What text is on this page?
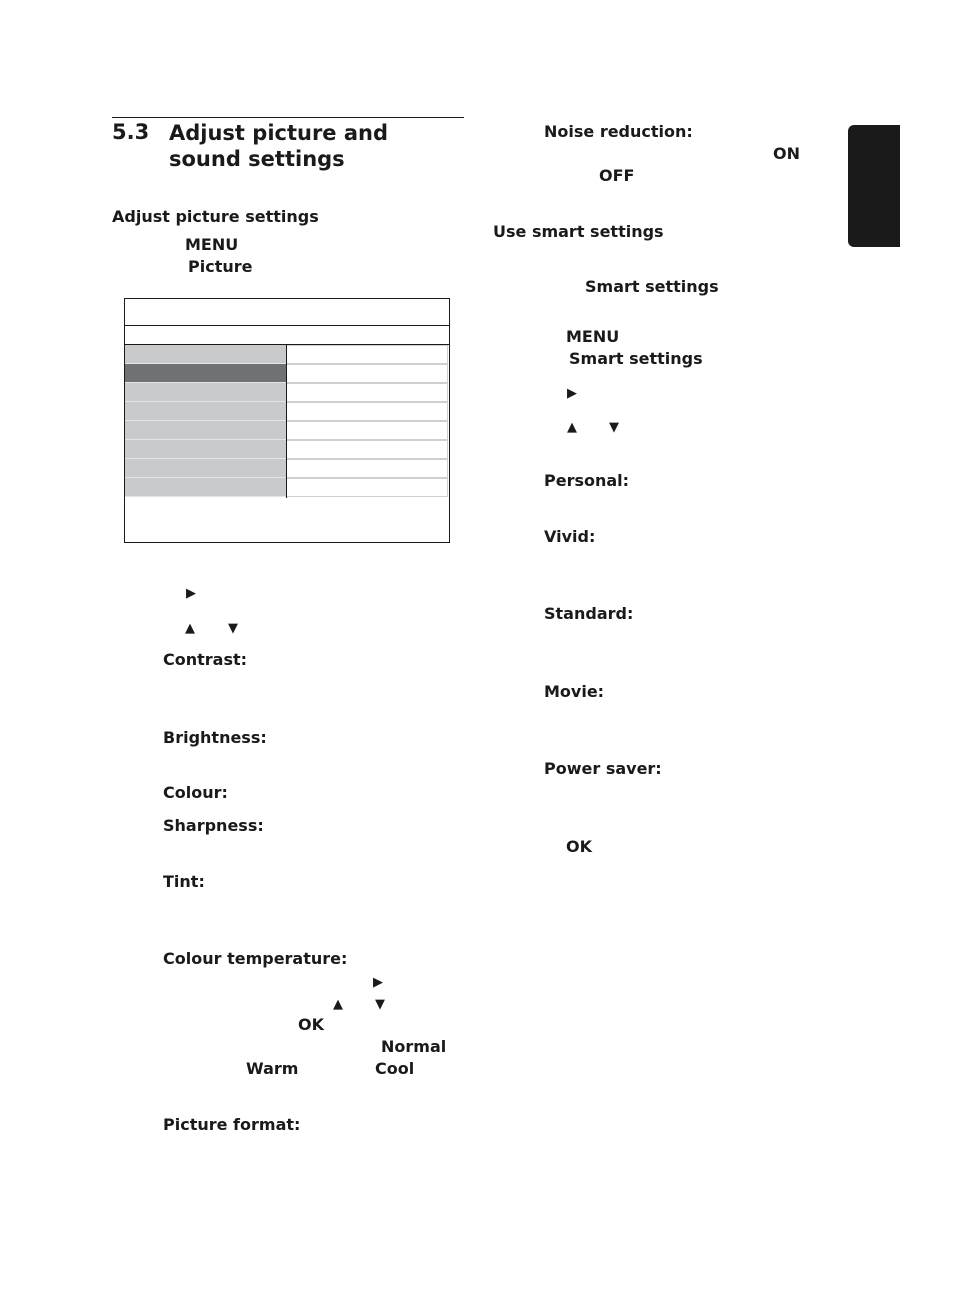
5.3 Adjust picture and sound settings
Adjust picture settings
MENU
Picture
▶
▲	▼
Contrast:
Brightness:
Colour:
Sharpness:
Tint:
Colour temperature:
▶
▲ ▼
OK
Normal
Warm	Cool
Picture format:
Noise reduction:
ON
OFF
Use smart settings
Smart settings
MENU
Smart settings
▶
▲ ▼
Personal:
Vivid:
Standard:
Movie:
Power saver:
OK
